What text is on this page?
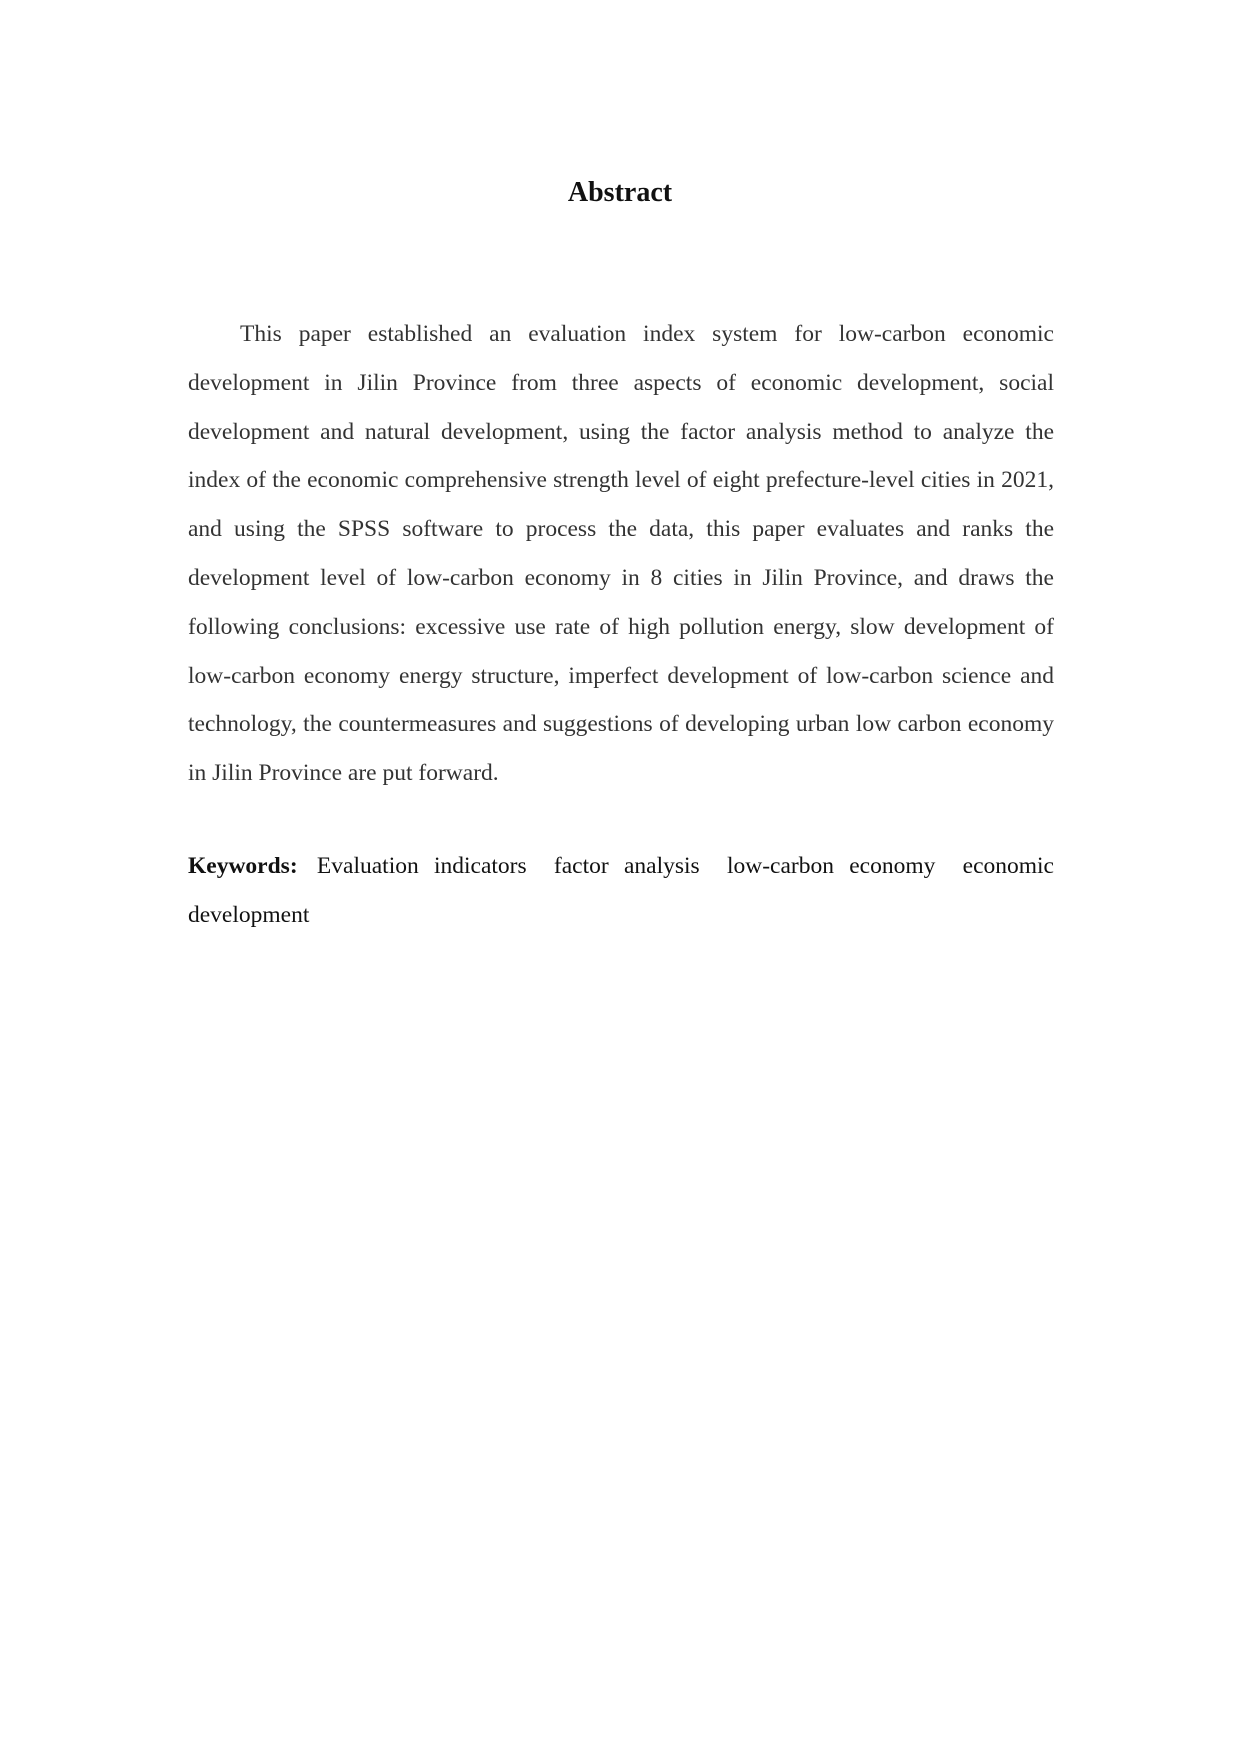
Abstract

This paper established an evaluation index system for low-carbon economic development in Jilin Province from three aspects of economic development, social development and natural development, using the factor analysis method to analyze the index of the economic comprehensive strength level of eight prefecture-level cities in 2021, and using the SPSS software to process the data, this paper evaluates and ranks the development level of low-carbon economy in 8 cities in Jilin Province, and draws the following conclusions: excessive use rate of high pollution energy, slow development of low-carbon economy energy structure, imperfect development of low-carbon science and technology, the countermeasures and suggestions of developing urban low carbon economy in Jilin Province are put forward.

Keywords: Evaluation indicators factor analysis low-carbon economy economic development
